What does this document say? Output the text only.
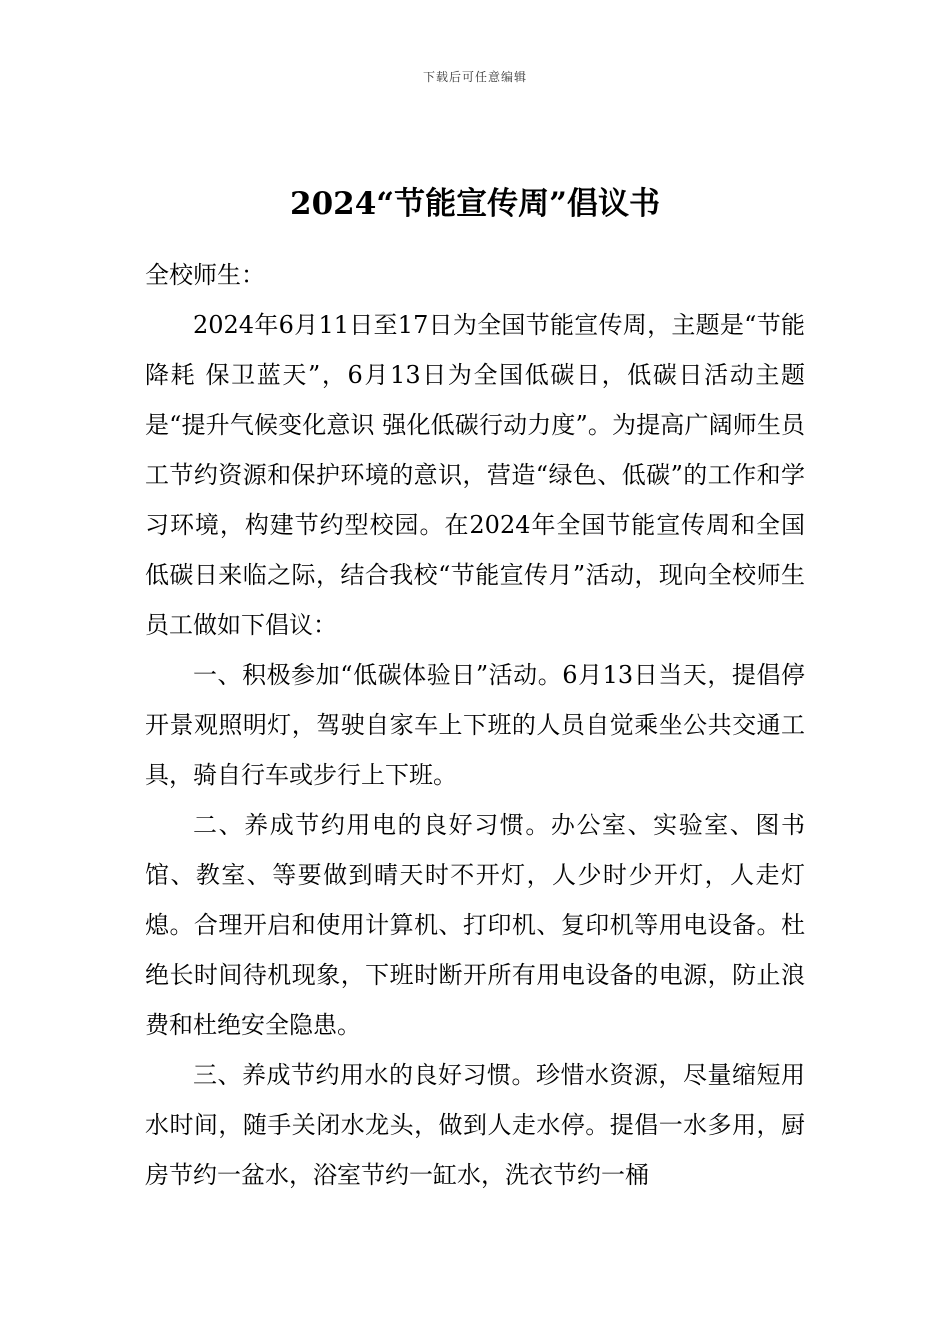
下载后可任意编辑
2024“节能宣传周”倡议书

全校师生：

2024年6月11日至17日为全国节能宣传周，主题是“节能降耗 保卫蓝天”，6月13日为全国低碳日，低碳日活动主题是“提升气候变化意识 强化低碳行动力度”。为提高广阔师生员工节约资源和保护环境的意识，营造“绿色、低碳”的工作和学习环境，构建节约型校园。在2024年全国节能宣传周和全国低碳日来临之际，结合我校“节能宣传月”活动，现向全校师生员工做如下倡议：

一、积极参加“低碳体验日”活动。6月13日当天，提倡停开景观照明灯，驾驶自家车上下班的人员自觉乘坐公共交通工具，骑自行车或步行上下班。

二、养成节约用电的良好习惯。办公室、实验室、图书馆、教室、等要做到晴天时不开灯，人少时少开灯，人走灯熄。合理开启和使用计算机、打印机、复印机等用电设备。杜绝长时间待机现象，下班时断开所有用电设备的电源，防止浪费和杜绝安全隐患。

三、养成节约用水的良好习惯。珍惜水资源，尽量缩短用水时间，随手关闭水龙头，做到人走水停。提倡一水多用，厨房节约一盆水，浴室节约一缸水，洗衣节约一桶
